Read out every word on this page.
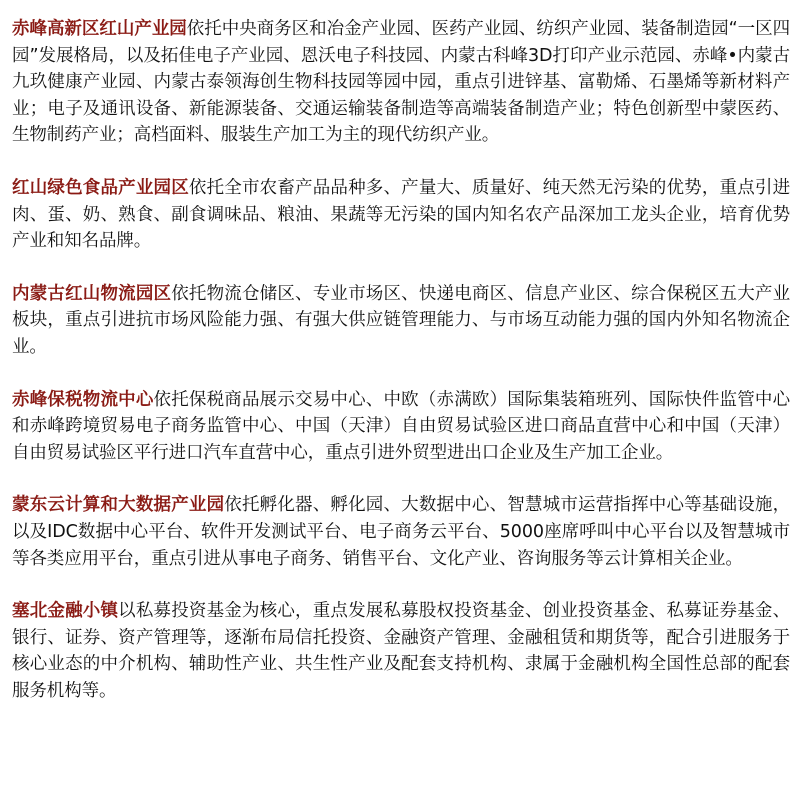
赤峰高新区红山产业园依托中央商务区和冶金产业园、医药产业园、纺织产业园、装备制造园“一区四园”发展格局，以及拓佳电子产业园、恩沃电子科技园、内蒙古科峰3D打印产业示范园、赤峰•内蒙古九玖健康产业园、内蒙古泰领海创生物科技园等园中园，重点引进锌基、富勒烯、石墨烯等新材料产业；电子及通讯设备、新能源装备、交通运输装备制造等高端装备制造产业；特色创新型中蒙医药、生物制药产业；高档面料、服装生产加工为主的现代纺织产业。

红山绿色食品产业园区依托全市农畜产品品种多、产量大、质量好、纯天然无污染的优势，重点引进肉、蛋、奶、熟食、副食调味品、粮油、果蔬等无污染的国内知名农产品深加工龙头企业，培育优势产业和知名品牌。

内蒙古红山物流园区依托物流仓储区、专业市场区、快递电商区、信息产业区、综合保税区五大产业板块，重点引进抗市场风险能力强、有强大供应链管理能力、与市场互动能力强的国内外知名物流企业。

赤峰保税物流中心依托保税商品展示交易中心、中欧（赤满欧）国际集装箱班列、国际快件监管中心和赤峰跨境贸易电子商务监管中心、中国（天津）自由贸易试验区进口商品直营中心和中国（天津）自由贸易试验区平行进口汽车直营中心，重点引进外贸型进出口企业及生产加工企业。

蒙东云计算和大数据产业园依托孵化器、孵化园、大数据中心、智慧城市运营指挥中心等基础设施，以及IDC数据中心平台、软件开发测试平台、电子商务云平台、5000座席呼叫中心平台以及智慧城市等各类应用平台，重点引进从事电子商务、销售平台、文化产业、咨询服务等云计算相关企业。

塞北金融小镇以私募投资基金为核心，重点发展私募股权投资基金、创业投资基金、私募证券基金、银行、证券、资产管理等，逐渐布局信托投资、金融资产管理、金融租赁和期货等，配合引进服务于核心业态的中介机构、辅助性产业、共生性产业及配套支持机构、隶属于金融机构全国性总部的配套服务机构等。
